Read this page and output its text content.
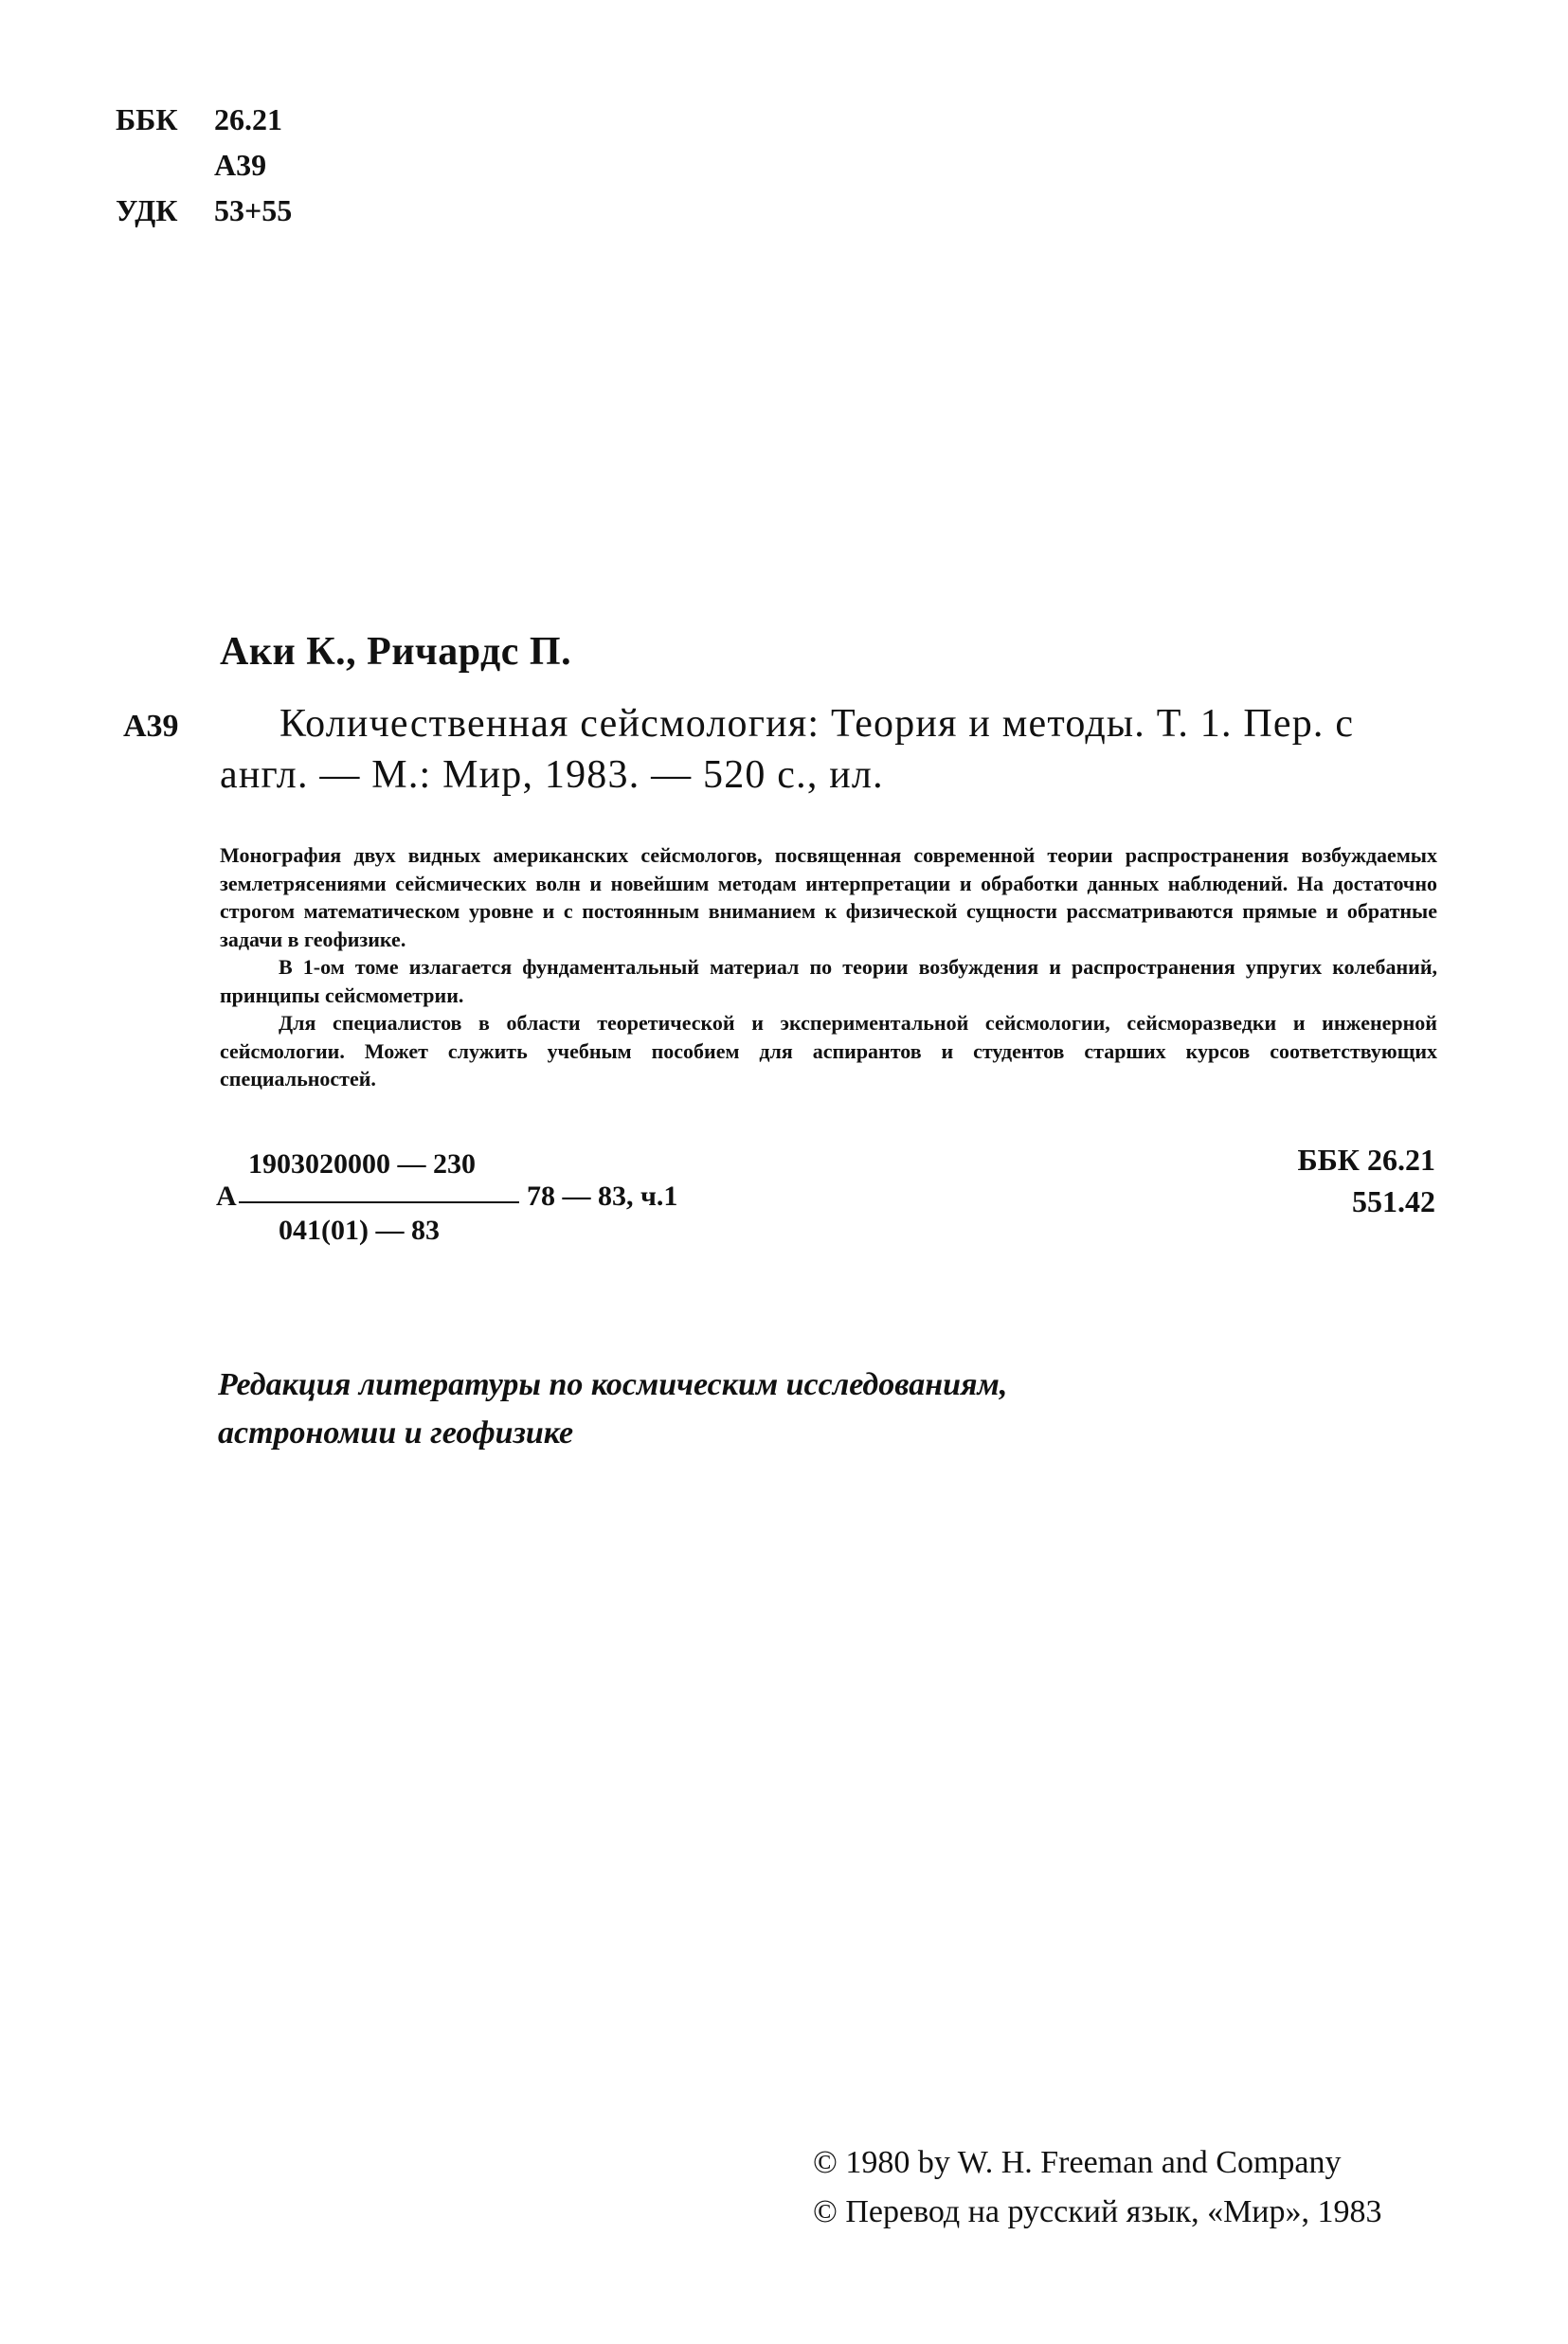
ББК 26.21
А39
УДК 53+55
Аки К., Ричардс П.
А39	Количественная сейсмология: Теория и методы. Т. 1. Пер. с
англ. — М.: Мир, 1983. — 520 с., ил.

Монография двух видных американских сейсмологов, посвященная современной теории распространения возбуждаемых землетрясениями сейсмических волн и новейшим методам интерпретации и обработки данных наблюдений. На достаточно строгом математическом уровне и с постоянным вниманием к физической сущности рассматриваются прямые и обратные задачи в геофизике.

В 1-ом томе излагается фундаментальный материал по теории возбуждения и распространения упругих колебаний, принципы сейсмометрии.

Для специалистов в области теоретической и экспериментальной сейсмологии, сейсморазведки и инженерной сейсмологии. Может служить учебным пособием для аспирантов и студентов старших курсов соответствующих специальностей.

1903020000 — 230
А	78 — 83, ч.1
041(01) — 83
ББК 26.21
551.42
Редакция литературы по космическим исследованиям,
астрономии и геофизике
© 1980 by W. H. Freeman and Company
© Перевод на русский язык, «Мир», 1983
